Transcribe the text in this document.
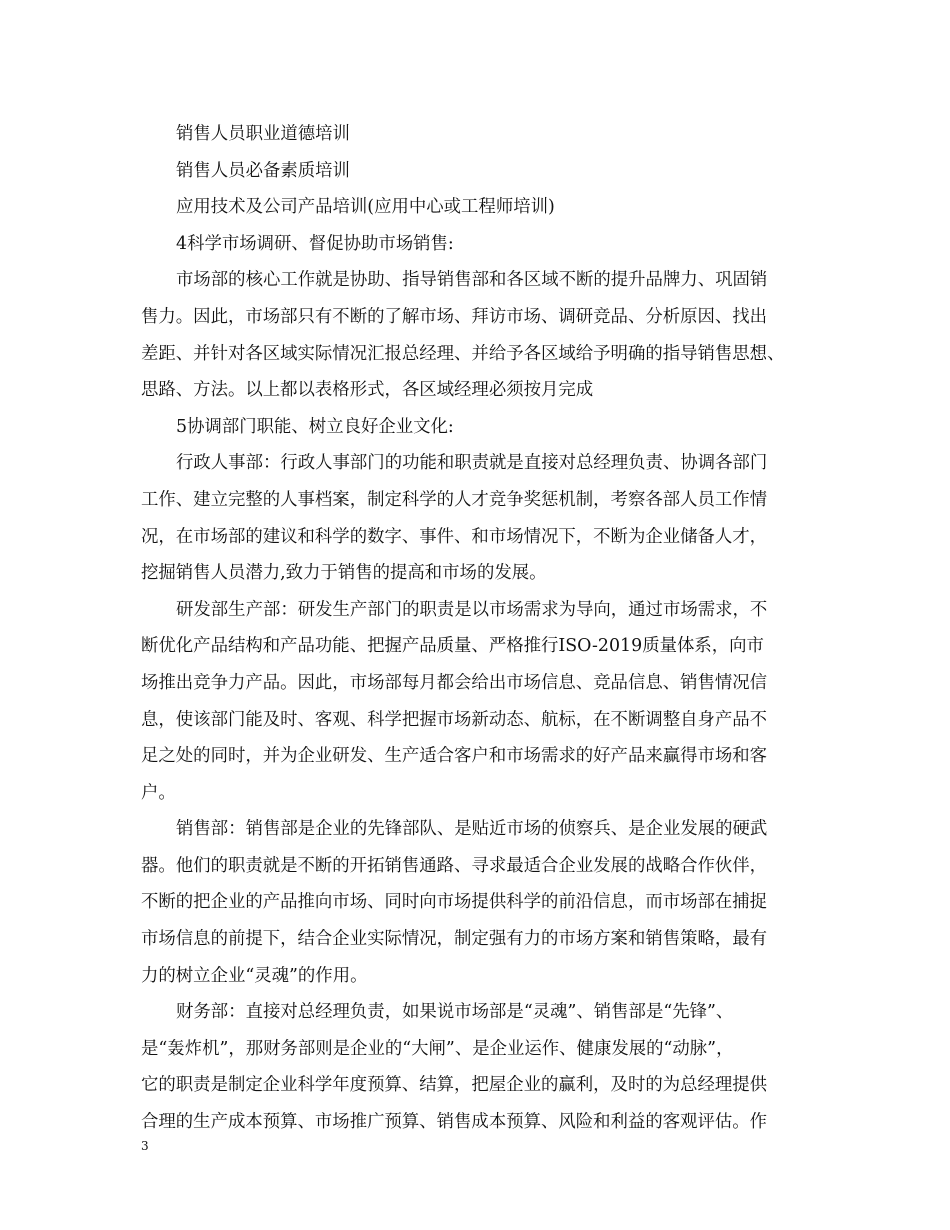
销售人员职业道德培训
销售人员必备素质培训
应用技术及公司产品培训(应用中心或工程师培训)
4科学市场调研、督促协助市场销售:
市场部的核心工作就是协助、指导销售部和各区域不断的提升品牌力、巩固销
售力。因此，市场部只有不断的了解市场、拜访市场、调研竞品、分析原因、找出
差距、并针对各区域实际情况汇报总经理、并给予各区域给予明确的指导销售思想、
思路、方法。以上都以表格形式，各区域经理必须按月完成
5协调部门职能、树立良好企业文化:
行政人事部：行政人事部门的功能和职责就是直接对总经理负责、协调各部门
工作、建立完整的人事档案，制定科学的人才竞争奖惩机制，考察各部人员工作情
况，在市场部的建议和科学的数字、事件、和市场情况下，不断为企业储备人才，
挖掘销售人员潜力,致力于销售的提高和市场的发展。
研发部生产部：研发生产部门的职责是以市场需求为导向，通过市场需求，不
断优化产品结构和产品功能、把握产品质量、严格推行ISO-2019质量体系，向市
场推出竞争力产品。因此，市场部每月都会给出市场信息、竞品信息、销售情况信
息，使该部门能及时、客观、科学把握市场新动态、航标，在不断调整自身产品不
足之处的同时，并为企业研发、生产适合客户和市场需求的好产品来赢得市场和客
户。
销售部：销售部是企业的先锋部队、是贴近市场的侦察兵、是企业发展的硬武
器。他们的职责就是不断的开拓销售通路、寻求最适合企业发展的战略合作伙伴，
不断的把企业的产品推向市场、同时向市场提供科学的前沿信息，而市场部在捕捉
市场信息的前提下，结合企业实际情况，制定强有力的市场方案和销售策略，最有
力的树立企业“灵魂”的作用。
财务部：直接对总经理负责，如果说市场部是“灵魂”、销售部是“先锋”、
是“轰炸机”，那财务部则是企业的“大闸”、是企业运作、健康发展的“动脉”，
它的职责是制定企业科学年度预算、结算，把屋企业的赢利，及时的为总经理提供
合理的生产成本预算、市场推广预算、销售成本预算、风险和利益的客观评估。作
3
